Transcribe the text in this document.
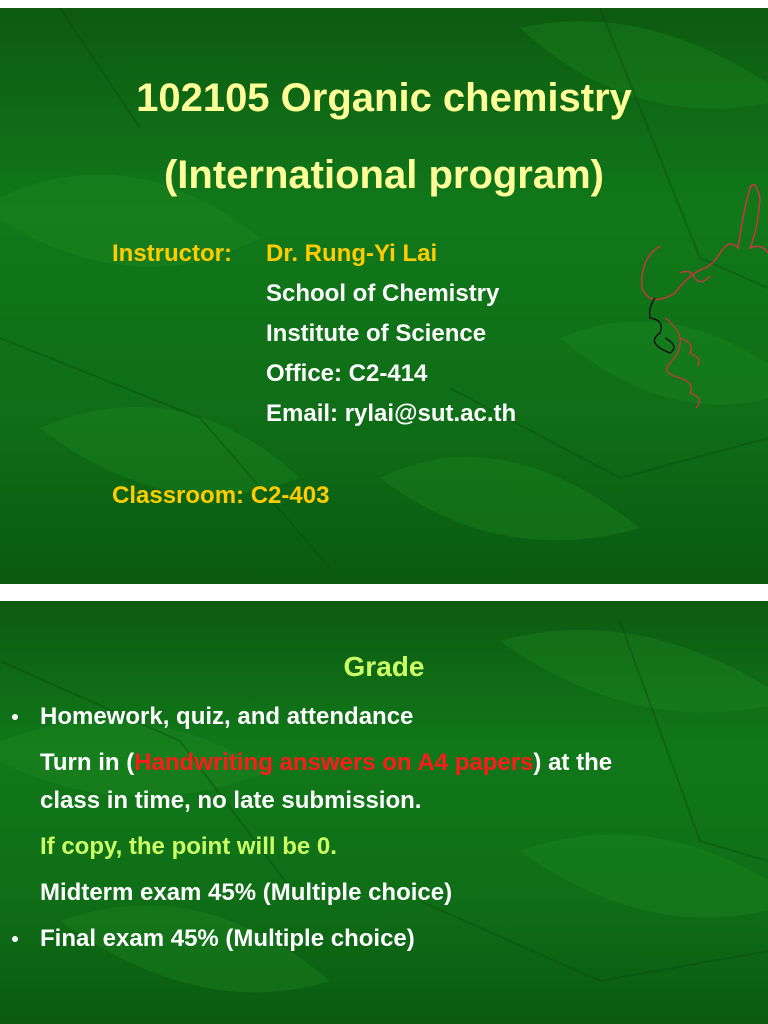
102105 Organic chemistry
(International program)
Instructor: Dr. Rung-Yi Lai
School of Chemistry
Institute of Science
Office: C2-414
Email: rylai@sut.ac.th
Classroom: C2-403
Grade
Homework, quiz, and attendance
Turn in (Handwriting answers on A4 papers) at the
class in time, no late submission.
If copy, the point will be 0.
Midterm exam 45% (Multiple choice)
Final exam 45% (Multiple choice)
